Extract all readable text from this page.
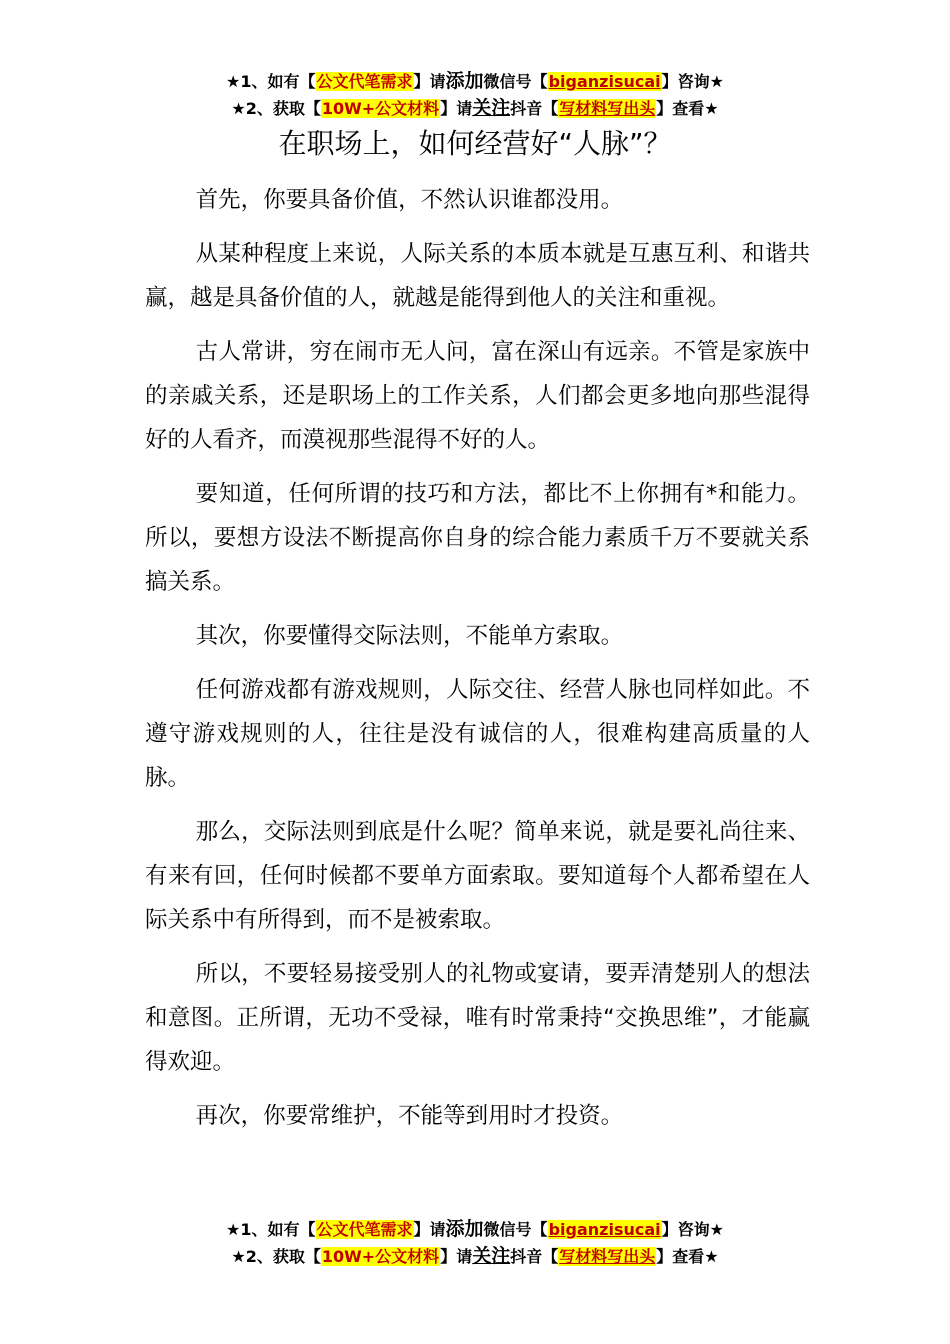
★1、如有【公文代笔需求】请添加微信号【biganzisucai】咨询★
★2、获取【10W+公文材料】请关注抖音【写材料写出头】查看★
在职场上，如何经营好“人脉”？

首先，你要具备价值，不然认识谁都没用。

从某种程度上来说，人际关系的本质本就是互惠互利、和谐共赢，越是具备价值的人，就越是能得到他人的关注和重视。

古人常讲，穷在闹市无人问，富在深山有远亲。不管是家族中的亲戚关系，还是职场上的工作关系，人们都会更多地向那些混得好的人看齐，而漠视那些混得不好的人。

要知道，任何所谓的技巧和方法，都比不上你拥有*和能力。所以，要想方设法不断提高你自身的综合能力素质千万不要就关系搞关系。

其次，你要懂得交际法则，不能单方索取。

任何游戏都有游戏规则，人际交往、经营人脉也同样如此。不遵守游戏规则的人，往往是没有诚信的人，很难构建高质量的人脉。

那么，交际法则到底是什么呢？简单来说，就是要礼尚往来、有来有回，任何时候都不要单方面索取。要知道每个人都希望在人际关系中有所得到，而不是被索取。

所以，不要轻易接受别人的礼物或宴请，要弄清楚别人的想法和意图。正所谓，无功不受禄，唯有时常秉持“交换思维”，才能赢得欢迎。

再次，你要常维护，不能等到用时才投资。

★1、如有【公文代笔需求】请添加微信号【biganzisucai】咨询★
★2、获取【10W+公文材料】请关注抖音【写材料写出头】查看★
